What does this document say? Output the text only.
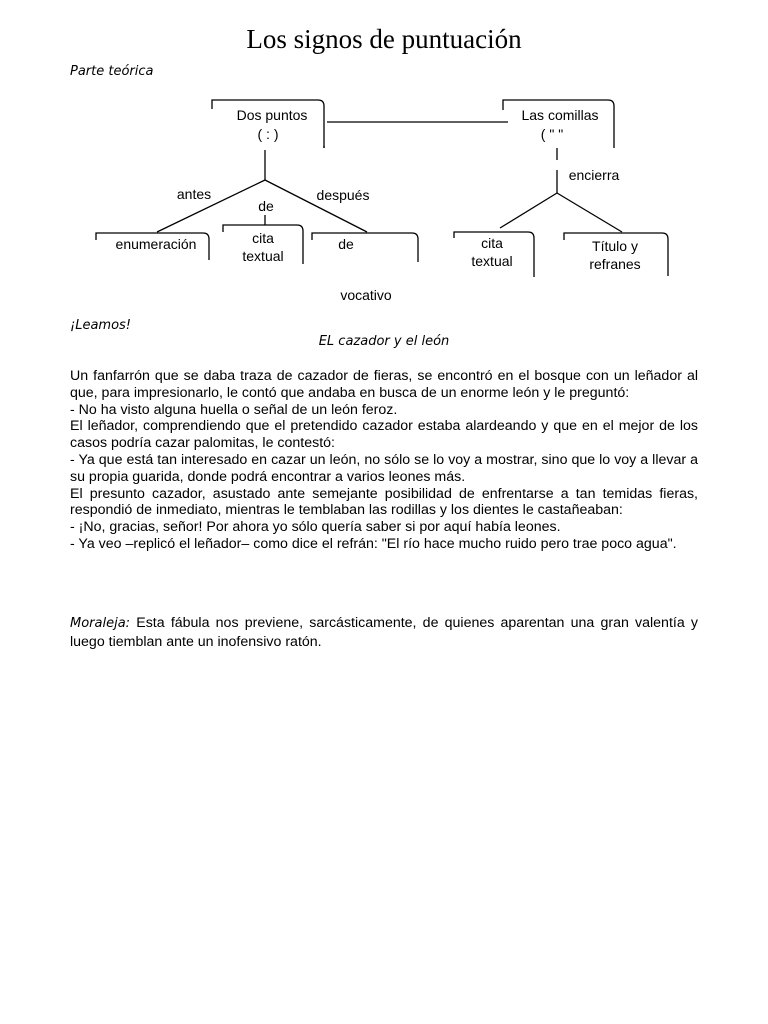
Los signos de puntuación
Parte teórica
Dos puntos
( : )
Las comillas
( " "
antes
de
después
encierra
enumeración	cita
textual
de
vocativo
cita
textual
Título y
refranes
¡Leamos!
EL cazador y el león

Un fanfarrón que se daba traza de cazador de fieras, se encontró en el bosque con un leñador al que, para impresionarlo, le contó que andaba en busca de un enorme león y le preguntó:

- No ha visto alguna huella o señal de un león feroz.

El leñador, comprendiendo que el pretendido cazador estaba alardeando y que en el mejor de los casos podría cazar palomitas, le contestó:

- Ya que está tan interesado en cazar un león, no sólo se lo voy a mostrar, sino que lo voy a llevar a su propia guarida, donde podrá encontrar a varios leones más.

El presunto cazador, asustado ante semejante posibilidad de enfrentarse a tan temidas fieras, respondió de inmediato, mientras le temblaban las rodillas y los dientes le castañeaban:

- ¡No, gracias, señor! Por ahora yo sólo quería saber si por aquí había leones.

- Ya veo –replicó el leñador– como dice el refrán: "El río hace mucho ruido pero trae poco agua".

Moraleja: Esta fábula nos previene, sarcásticamente, de quienes aparentan una gran valentía y luego tiemblan ante un inofensivo ratón.
